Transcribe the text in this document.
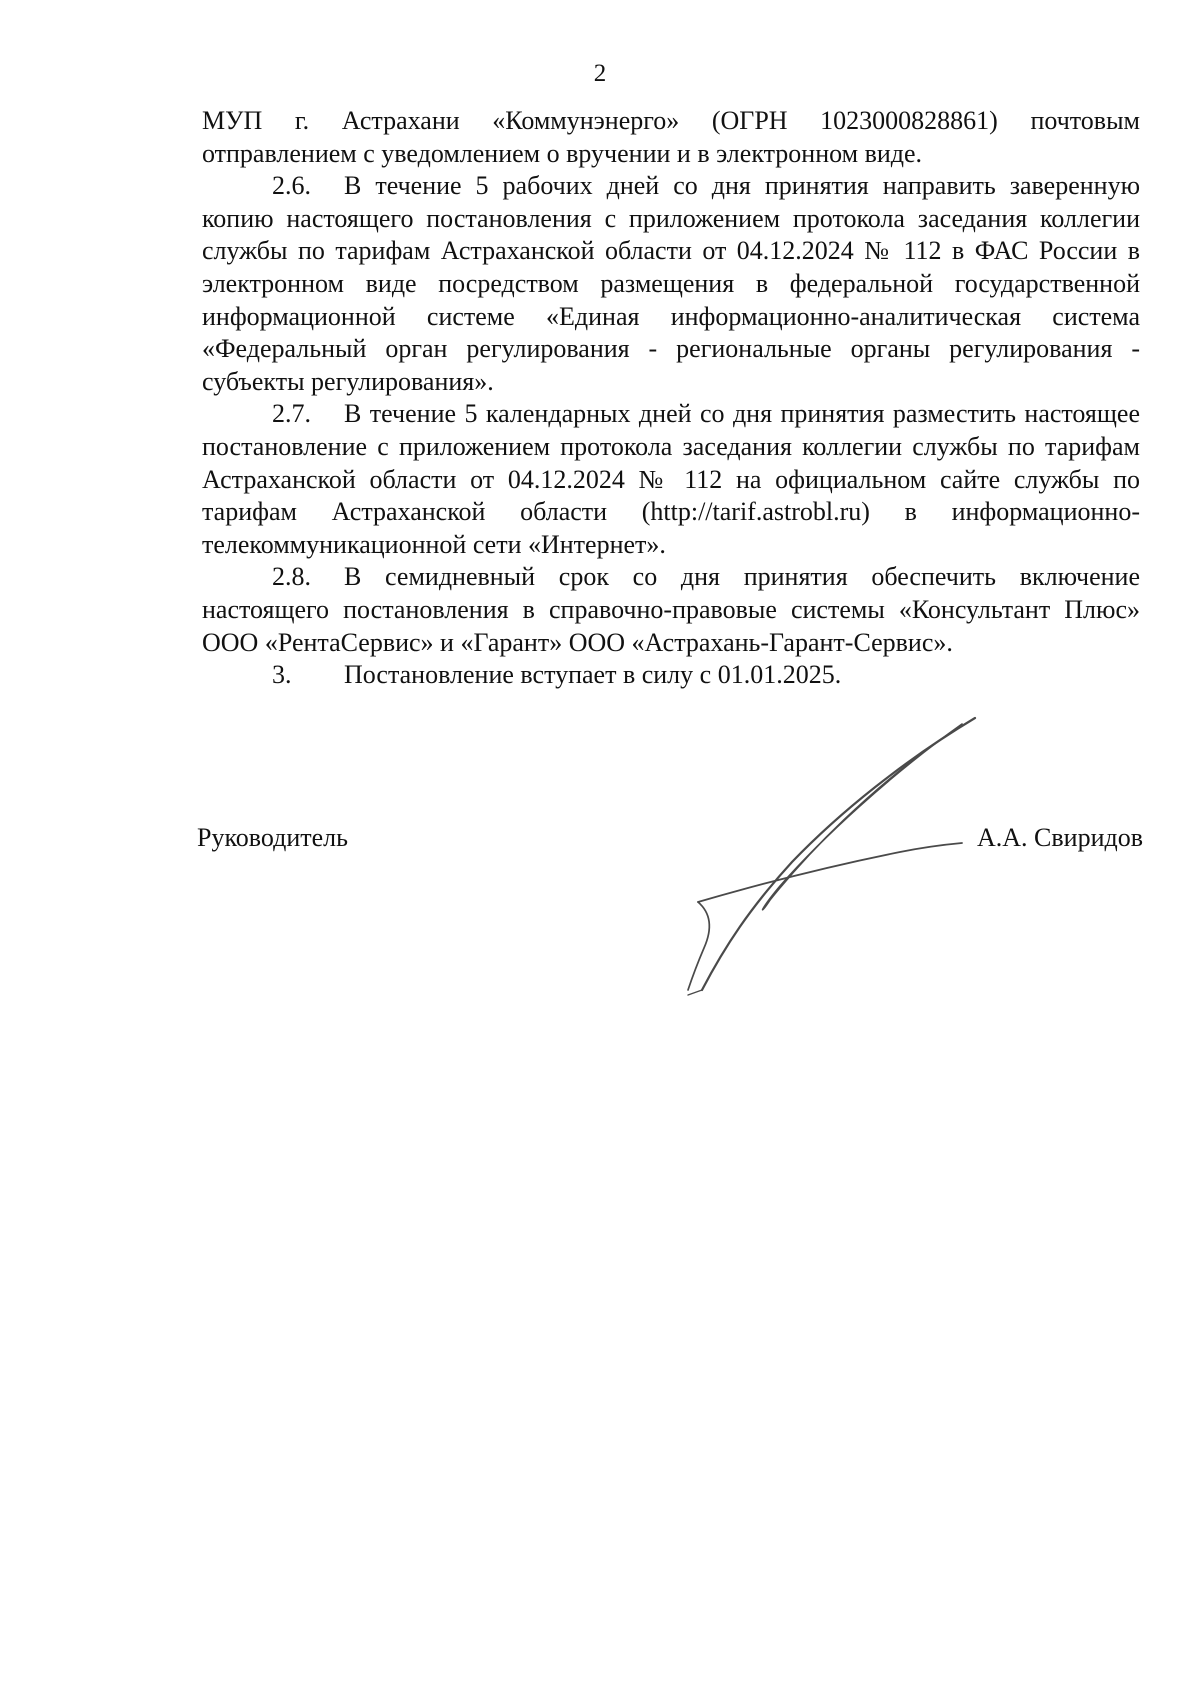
2

МУП г. Астрахани «Коммунэнерго» (ОГРН 1023000828861) почтовым отправлением с уведомлением о вручении и в электронном виде.

2.6. В течение 5 рабочих дней со дня принятия направить заверенную копию настоящего постановления с приложением протокола заседания коллегии службы по тарифам Астраханской области от 04.12.2024 № 112 в ФАС России в электронном виде посредством размещения в федеральной государственной информационной системе «Единая информационно-аналитическая система «Федеральный орган регулирования - региональные органы регулирования - субъекты регулирования».

2.7. В течение 5 календарных дней со дня принятия разместить настоящее постановление с приложением протокола заседания коллегии службы по тарифам Астраханской области от 04.12.2024 № 112 на официальном сайте службы по тарифам Астраханской области (http://tarif.astrobl.ru) в информационно-телекоммуникационной сети «Интернет».

2.8. В семидневный срок со дня принятия обеспечить включение настоящего постановления в справочно-правовые системы «Консультант Плюс» ООО «РентаСервис» и «Гарант» ООО «Астрахань-Гарант-Сервис».

3. Постановление вступает в силу с 01.01.2025.

Руководитель	А.А. Свиридов
